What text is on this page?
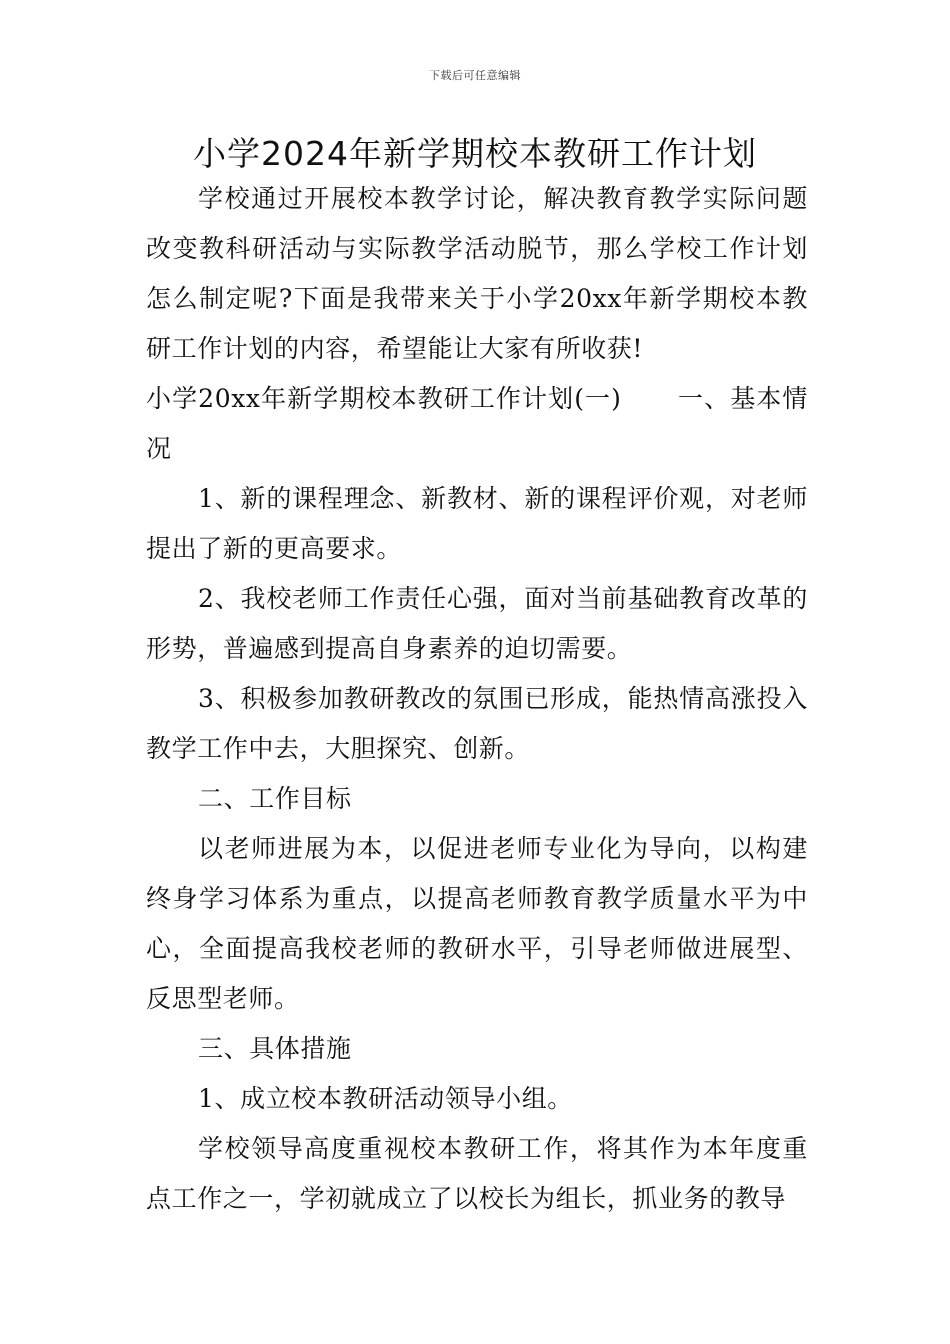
下载后可任意编辑
小学2024年新学期校本教研工作计划

学校通过开展校本教学讨论，解决教育教学实际问题改变教科研活动与实际教学活动脱节，那么学校工作计划怎么制定呢?下面是我带来关于小学20xx年新学期校本教研工作计划的内容，希望能让大家有所收获!

小学20xx年新学期校本教研工作计划(一) 一、基本情况

1、新的课程理念、新教材、新的课程评价观，对老师提出了新的更高要求。

2、我校老师工作责任心强，面对当前基础教育改革的形势，普遍感到提高自身素养的迫切需要。

3、积极参加教研教改的氛围已形成，能热情高涨投入教学工作中去，大胆探究、创新。

二、工作目标

以老师进展为本，以促进老师专业化为导向，以构建终身学习体系为重点，以提高老师教育教学质量水平为中心，全面提高我校老师的教研水平，引导老师做进展型、反思型老师。

三、具体措施

1、成立校本教研活动领导小组。

学校领导高度重视校本教研工作，将其作为本年度重点工作之一，学初就成立了以校长为组长，抓业务的教导
